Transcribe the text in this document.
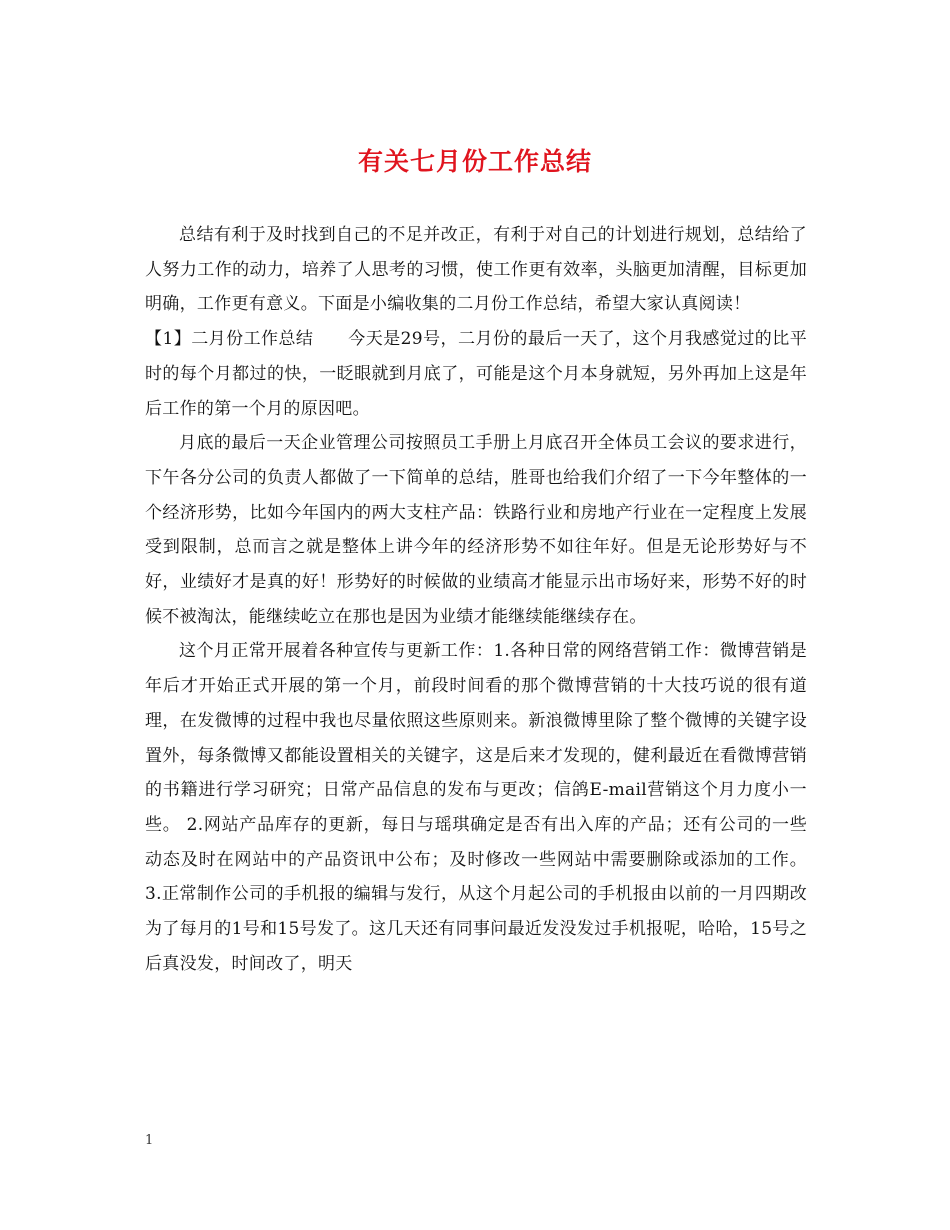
有关七月份工作总结

总结有利于及时找到自己的不足并改正，有利于对自己的计划进行规划，总结给了人努力工作的动力，培养了人思考的习惯，使工作更有效率，头脑更加清醒，目标更加明确，工作更有意义。下面是小编收集的二月份工作总结，希望大家认真阅读！

【1】二月份工作总结　　今天是29号，二月份的最后一天了，这个月我感觉过的比平时的每个月都过的快，一眨眼就到月底了，可能是这个月本身就短，另外再加上这是年后工作的第一个月的原因吧。

月底的最后一天企业管理公司按照员工手册上月底召开全体员工会议的要求进行，下午各分公司的负责人都做了一下简单的总结，胜哥也给我们介绍了一下今年整体的一个经济形势，比如今年国内的两大支柱产品：铁路行业和房地产行业在一定程度上发展受到限制，总而言之就是整体上讲今年的经济形势不如往年好。但是无论形势好与不好，业绩好才是真的好！形势好的时候做的业绩高才能显示出市场好来，形势不好的时候不被淘汰，能继续屹立在那也是因为业绩才能继续能继续存在。

这个月正常开展着各种宣传与更新工作：1.各种日常的网络营销工作：微博营销是年后才开始正式开展的第一个月，前段时间看的那个微博营销的十大技巧说的很有道理，在发微博的过程中我也尽量依照这些原则来。新浪微博里除了整个微博的关键字设置外，每条微博又都能设置相关的关键字，这是后来才发现的，健利最近在看微博营销的书籍进行学习研究；日常产品信息的发布与更改；信鸽E-mail营销这个月力度小一些。 2.网站产品库存的更新，每日与瑶琪确定是否有出入库的产品；还有公司的一些动态及时在网站中的产品资讯中公布；及时修改一些网站中需要删除或添加的工作。 3.正常制作公司的手机报的编辑与发行，从这个月起公司的手机报由以前的一月四期改为了每月的1号和15号发了。这几天还有同事问最近发没发过手机报呢，哈哈，15号之后真没发，时间改了，明天

1
